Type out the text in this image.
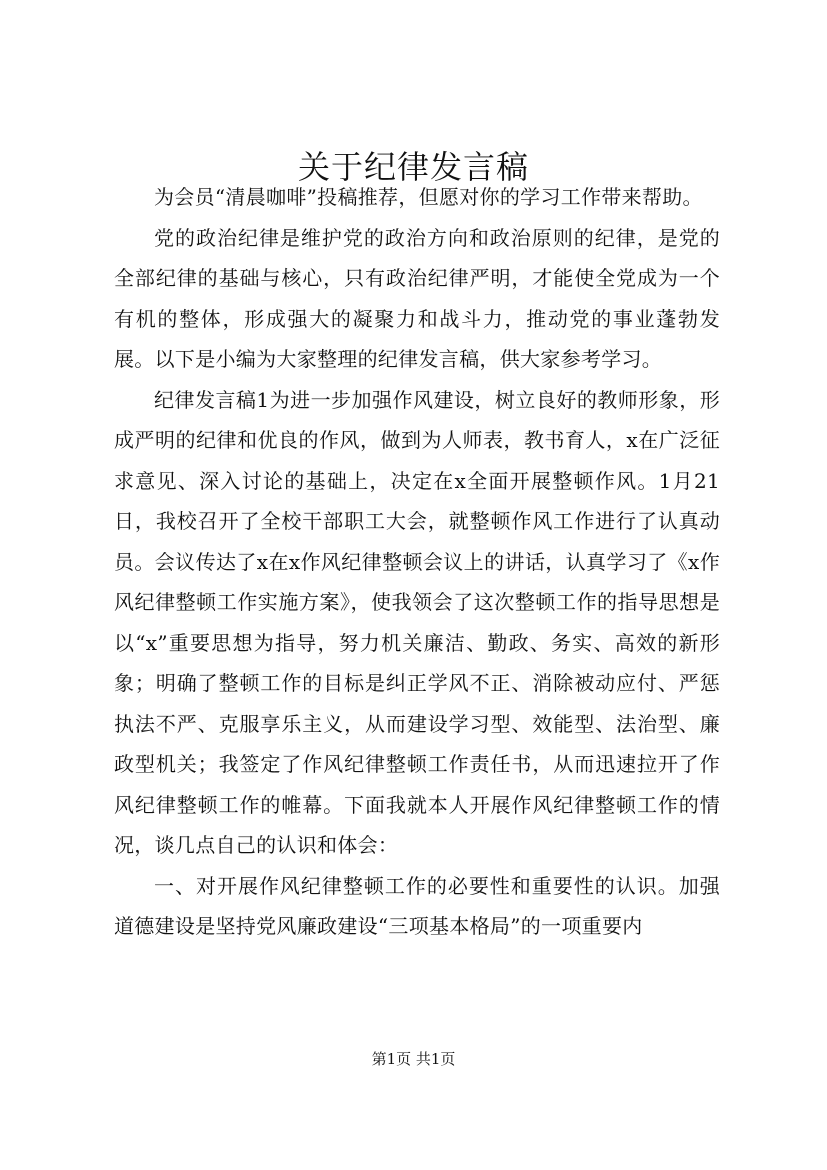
关于纪律发言稿

为会员“清晨咖啡”投稿推荐，但愿对你的学习工作带来帮助。

党的政治纪律是维护党的政治方向和政治原则的纪律，是党的全部纪律的基础与核心，只有政治纪律严明，才能使全党成为一个有机的整体，形成强大的凝聚力和战斗力，推动党的事业蓬勃发展。以下是小编为大家整理的纪律发言稿，供大家参考学习。

纪律发言稿1为进一步加强作风建设，树立良好的教师形象，形成严明的纪律和优良的作风，做到为人师表，教书育人，x在广泛征求意见、深入讨论的基础上，决定在x全面开展整顿作风。1月21日，我校召开了全校干部职工大会，就整顿作风工作进行了认真动员。会议传达了x在x作风纪律整顿会议上的讲话，认真学习了《x作风纪律整顿工作实施方案》，使我领会了这次整顿工作的指导思想是以“x”重要思想为指导，努力机关廉洁、勤政、务实、高效的新形象；明确了整顿工作的目标是纠正学风不正、消除被动应付、严惩执法不严、克服享乐主义，从而建设学习型、效能型、法治型、廉政型机关；我签定了作风纪律整顿工作责任书，从而迅速拉开了作风纪律整顿工作的帷幕。下面我就本人开展作风纪律整顿工作的情况，谈几点自己的认识和体会：

一、对开展作风纪律整顿工作的必要性和重要性的认识。加强道德建设是坚持党风廉政建设“三项基本格局”的一项重要内

第1页 共1页
